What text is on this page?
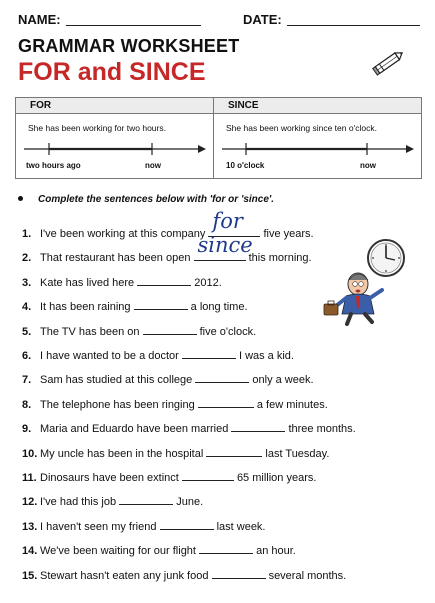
NAME:	DATE:
GRAMMAR WORKSHEET
FOR and SINCE
FOR	SINCE
She has been working for two hours.
two hours ago	now
She has been working since ten o'clock.
10 o'clock	now
Complete the sentences below with 'for or 'since'.
1. I've been working at this company
for
five years.
2. That restaurant has been open
since
this morning.
3. Kate has lived here	2012.
4. It has been raining	a long time.
5. The TV has been on	five o'clock.
6. I have wanted to be a doctor	I was a kid.
7. Sam has studied at this college	only a week.
8. The telephone has been ringing	a few minutes.
9. Maria and Eduardo have been married	three months.
10. My uncle has been in the hospital	last Tuesday.
11. Dinosaurs have been extinct	65 million years.
12. I've had this job	June.
13. I haven't seen my friend	last week.
14. We've been waiting for our flight	an hour.
15. Stewart hasn't eaten any junk food	several months.
